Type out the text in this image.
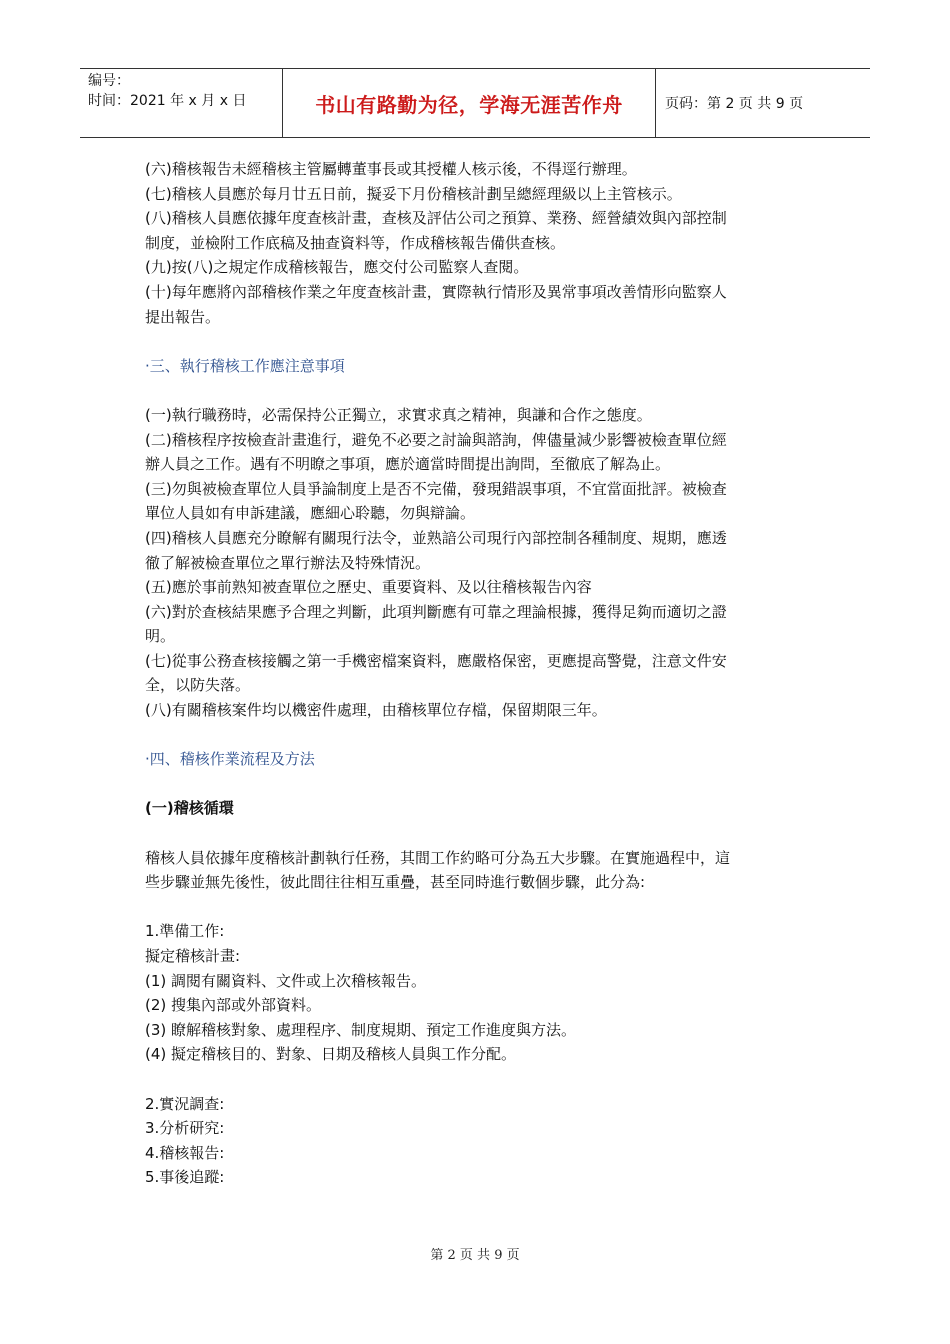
编号：
时间：2021 年 x 月 x 日	书山有路勤为径，学海无涯苦作舟	页码：第 2 页 共 9 页
(六)稽核報告未經稽核主管屬轉董事長或其授權人核示後，不得逕行辦理。
(七)稽核人員應於每月廿五日前，擬妥下月份稽核計劃呈總經理級以上主管核示。
(八)稽核人員應依據年度查核計畫，查核及評估公司之預算、業務、經營績效與內部控制
制度，並檢附工作底稿及抽查資料等，作成稽核報告備供查核。
(九)按(八)之規定作成稽核報告，應交付公司監察人查閱。
(十)每年應將內部稽核作業之年度查核計畫，實際執行情形及異常事項改善情形向監察人
提出報告。
·三、執行稽核工作應注意事項
(一)執行職務時，必需保持公正獨立，求實求真之精神，與謙和合作之態度。
(二)稽核程序按檢查計畫進行，避免不必要之討論與諮詢，俾儘量減少影響被檢查單位經
辦人員之工作。遇有不明瞭之事項，應於適當時間提出詢問，至徹底了解為止。
(三)勿與被檢查單位人員爭論制度上是否不完備，發現錯誤事項，不宜當面批評。被檢查
單位人員如有申訴建議，應細心聆聽，勿與辯論。
(四)稽核人員應充分瞭解有關現行法令，並熟諳公司現行內部控制各種制度、規期，應透
徹了解被檢查單位之單行辦法及特殊情況。
(五)應於事前熟知被查單位之歷史、重要資料、及以往稽核報告內容
(六)對於查核結果應予合理之判斷，此項判斷應有可靠之理論根據，獲得足夠而適切之證
明。
(七)從事公務查核接觸之第一手機密檔案資料，應嚴格保密，更應提高警覺，注意文件安
全，以防失落。
(八)有關稽核案件均以機密件處理，由稽核單位存檔，保留期限三年。
·四、稽核作業流程及方法
(一)稽核循環
稽核人員依據年度稽核計劃執行任務，其間工作約略可分為五大步驟。在實施過程中，這
些步驟並無先後性，彼此間往往相互重疊，甚至同時進行數個步驟，此分為:
1.準備工作:
擬定稽核計畫:
(1) 調閱有關資料、文件或上次稽核報告。
(2) 搜集內部或外部資料。
(3) 瞭解稽核對象、處理程序、制度規期、預定工作進度與方法。
(4) 擬定稽核目的、對象、日期及稽核人員與工作分配。
2.實況調查:
3.分析研究:
4.稽核報告:
5.事後追蹤:
第 2 页 共 9 页
